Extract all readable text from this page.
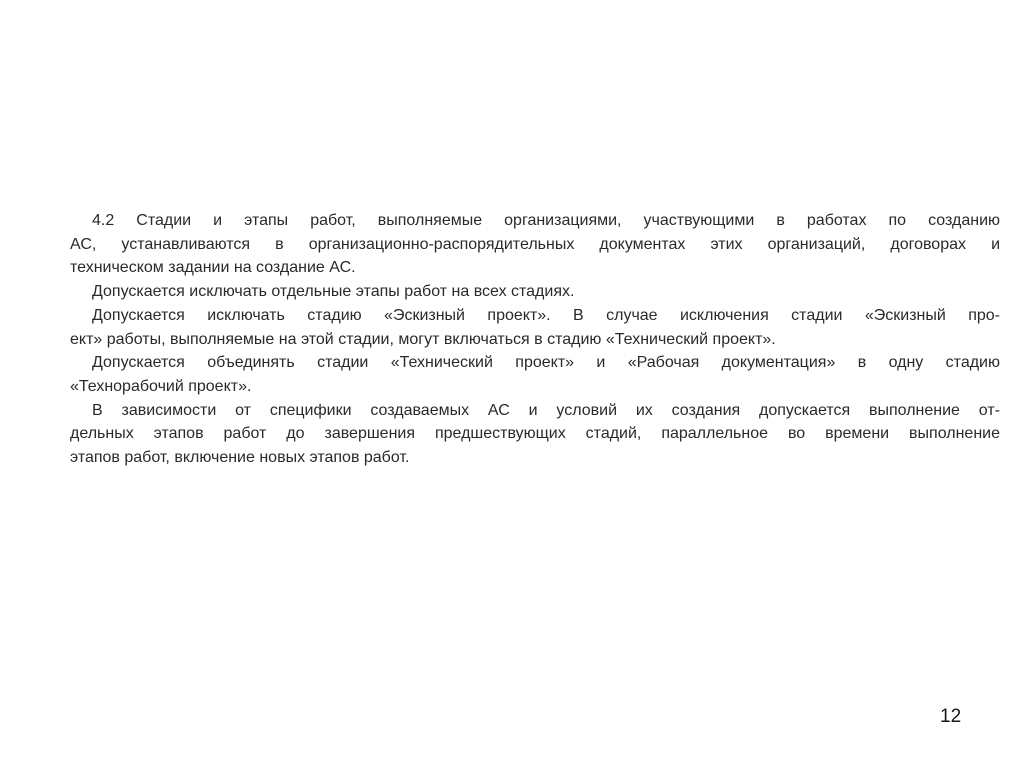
4.2 Стадии и этапы работ, выполняемые организациями, участвующими в работах по созданию
АС, устанавливаются в организационно-распорядительных документах этих организаций, договорах и
техническом задании на создание АС.
Допускается исключать отдельные этапы работ на всех стадиях.
Допускается исключать стадию «Эскизный проект». В случае исключения стадии «Эскизный про-
ект» работы, выполняемые на этой стадии, могут включаться в стадию «Технический проект».
Допускается объединять стадии «Технический проект» и «Рабочая документация» в одну стадию
«Технорабочий проект».
В зависимости от специфики создаваемых АС и условий их создания допускается выполнение от-
дельных этапов работ до завершения предшествующих стадий, параллельное во времени выполнение
этапов работ, включение новых этапов работ.
12
